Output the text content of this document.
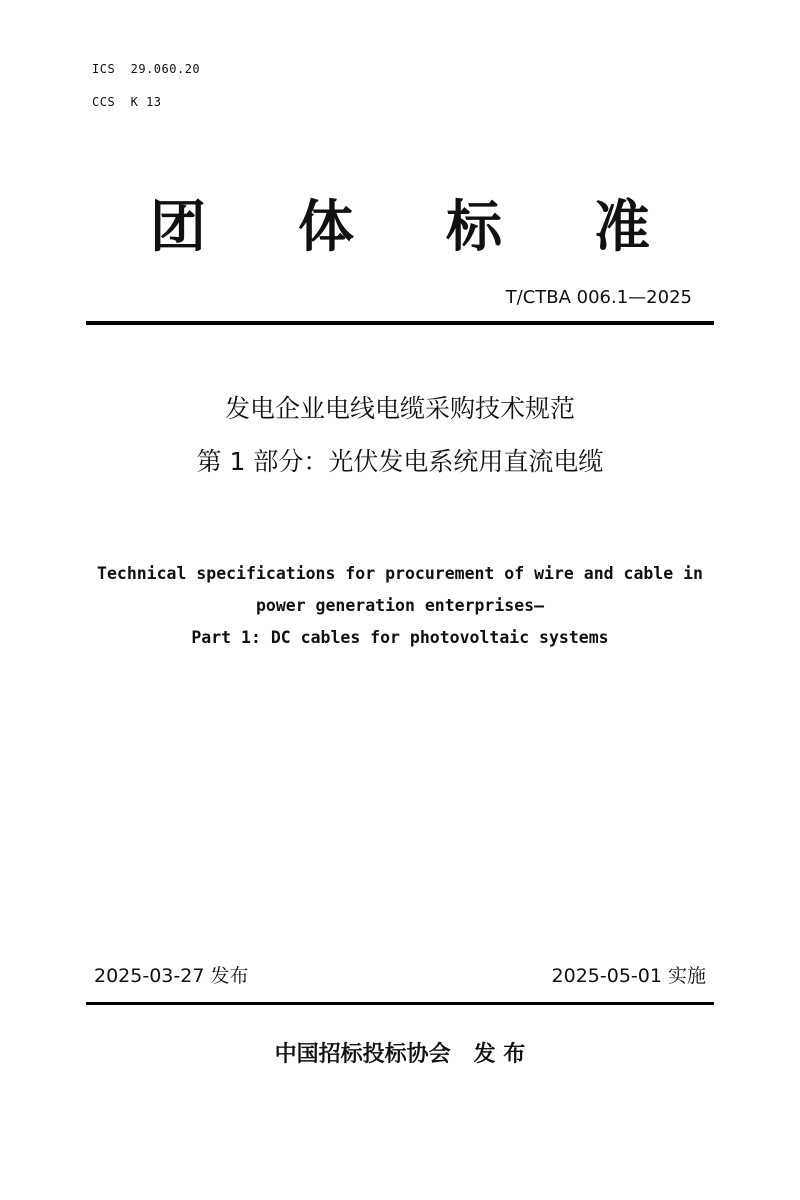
ICS  29.060.20
CCS  K 13
团 体 标 准
T/CTBA 006.1—2025
发电企业电线电缆采购技术规范
第 1 部分：光伏发电系统用直流电缆
Technical specifications for procurement of wire and cable in
power generation enterprises—
Part 1: DC cables for photovoltaic systems
2025-03-27 发布	2025-05-01 实施
中国招标投标协会   发 布
